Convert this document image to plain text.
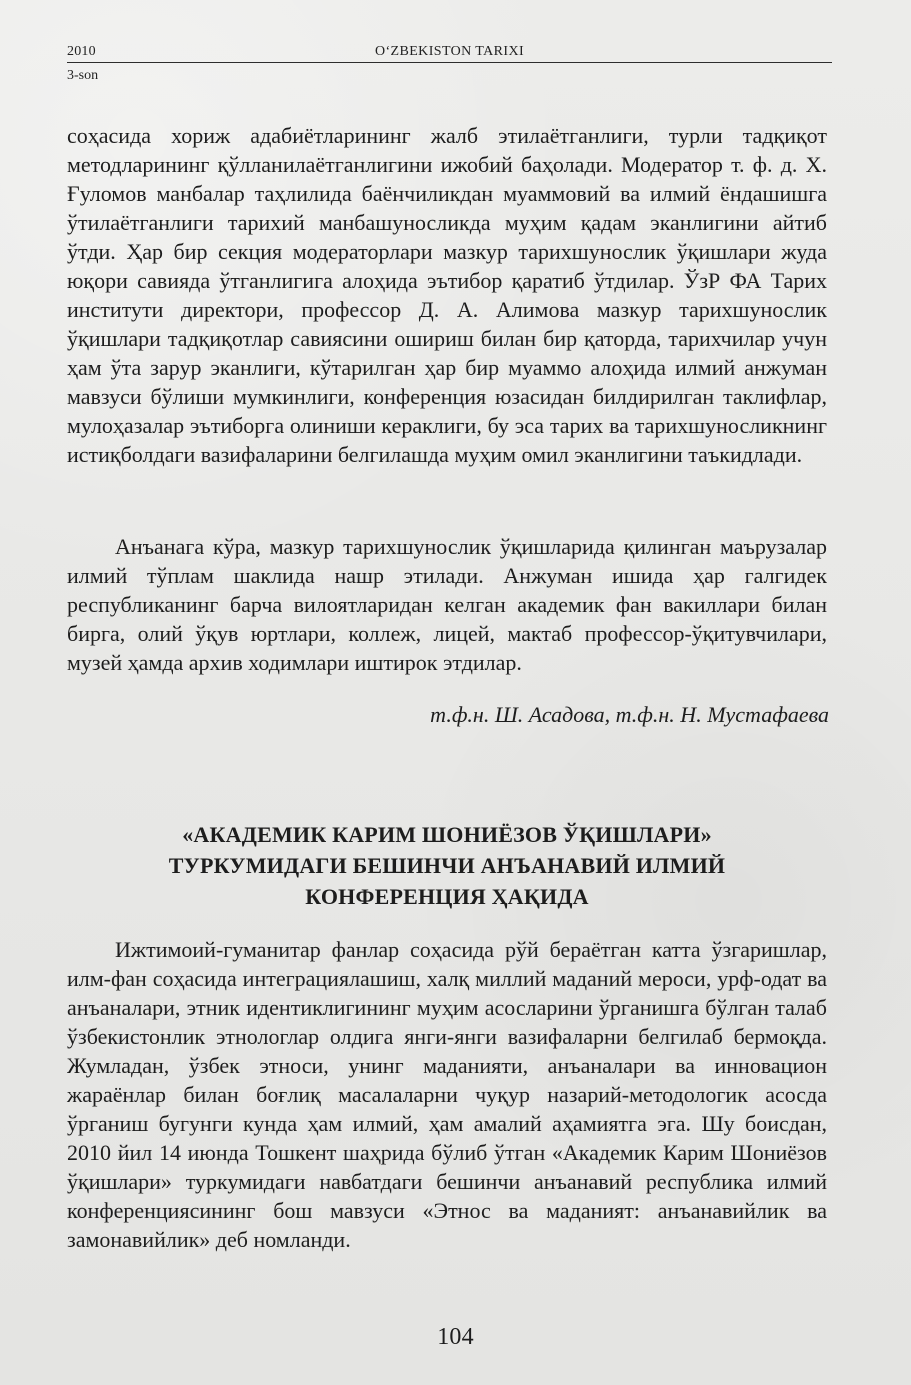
2010	O‘ZBEKISTON TARIXI
3-son

соҳасида хориж адабиётларининг жалб этилаётганлиги, турли тадқиқот методларининг қўлланилаётганлигини ижобий баҳолади. Модератор т. ф. д. Х. Ғуломов манбалар таҳлилида баёнчиликдан муаммовий ва илмий ёндашишга ўтилаётганлиги тарихий манбашуносликда муҳим қадам эканлигини айтиб ўтди. Ҳар бир секция модераторлари мазкур тарихшунослик ўқишлари жуда юқори савияда ўтганлигига алоҳида эътибор қаратиб ўтдилар. ЎзР ФА Тарих институти директори, профессор Д. А. Алимова мазкур тарихшунослик ўқишлари тадқиқотлар савиясини ошириш билан бир қаторда, тарихчилар учун ҳам ўта зарур эканлиги, кўтарилган ҳар бир муаммо алоҳида илмий анжуман мавзуси бўлиши мумкинлиги, конференция юзасидан билдирилган таклифлар, мулоҳазалар эътиборга олиниши кераклиги, бу эса тарих ва тарихшуносликнинг истиқболдаги вазифаларини белгилашда муҳим омил эканлигини таъкидлади.

Анъанага кўра, мазкур тарихшунослик ўқишларида қилинган маърузалар илмий тўплам шаклида нашр этилади. Анжуман ишида ҳар галгидек республиканинг барча вилоятларидан келган академик фан вакиллари билан бирга, олий ўқув юртлари, коллеж, лицей, мактаб профессор-ўқитувчилари, музей ҳамда архив ходимлари иштирок этдилар.

т.ф.н. Ш. Асадова, т.ф.н. Н. Мустафаева
«АКАДЕМИК КАРИМ ШОНИЁЗОВ ЎҚИШЛАРИ»
ТУРКУМИДАГИ БЕШИНЧИ АНЪАНАВИЙ ИЛМИЙ
КОНФЕРЕНЦИЯ ҲАҚИДА

Ижтимоий-гуманитар фанлар соҳасида рўй бераётган катта ўзгаришлар, илм-фан соҳасида интеграциялашиш, халқ миллий маданий мероси, урф-одат ва анъаналари, этник идентиклигининг муҳим асосларини ўрганишга бўлган талаб ўзбекистонлик этнологлар олдига янги-янги вазифаларни белгилаб бермоқда. Жумладан, ўзбек этноси, унинг маданияти, анъаналари ва инновацион жараёнлар билан боғлиқ масалаларни чуқур назарий-методологик асосда ўрганиш бугунги кунда ҳам илмий, ҳам амалий аҳамиятга эга. Шу боисдан, 2010 йил 14 июнда Тошкент шаҳрида бўлиб ўтган «Академик Карим Шониёзов ўқишлари» туркумидаги навбатдаги бешинчи анъанавий республика илмий конференциясининг бош мавзуси «Этнос ва маданият: анъанавийлик ва замонавийлик» деб номланди.

104
